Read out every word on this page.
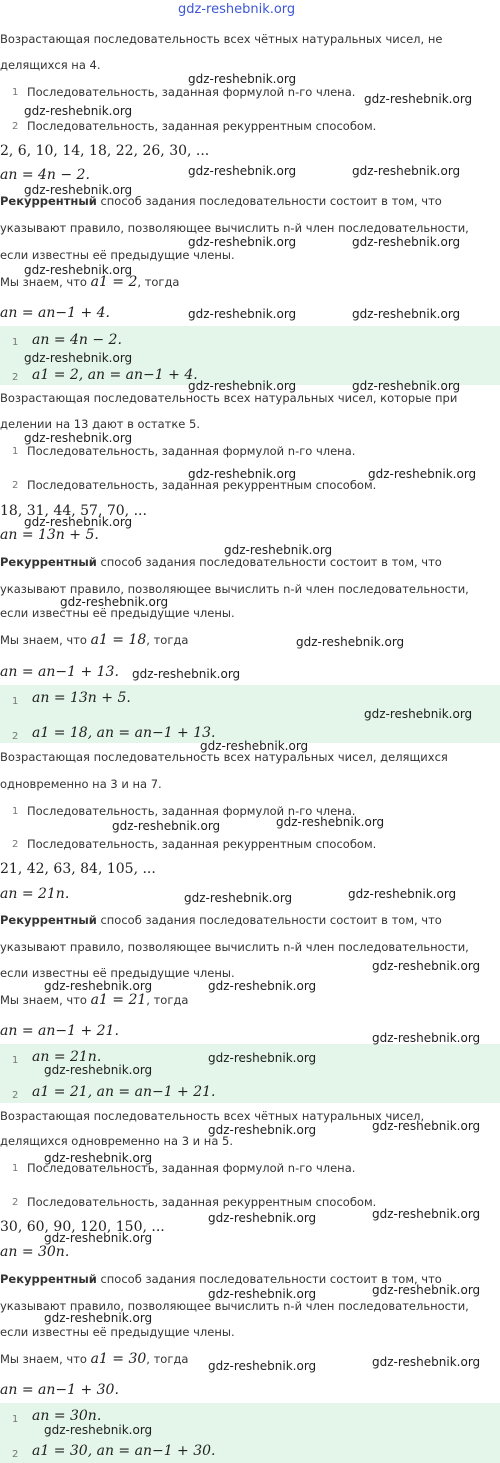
gdz-reshebnik.org
Возрастающая последовательность всех чётных натуральных чисел, не
делящихся на 4.
1 Последовательность, заданная формулой n-го члена.
2 Последовательность, заданная рекуррентным способом.
2, 6, 10, 14, 18, 22, 26, 30, ...
an = 4n − 2.
Рекуррентный способ задания последовательности состоит в том, что
указывают правило, позволяющее вычислить n-й член последовательности,
если известны её предыдущие члены.
Мы знаем, что a1 = 2, тогда
an = an−1 + 4.
1 an = 4n − 2.
2 a1 = 2, an = an−1 + 4.
Возрастающая последовательность всех натуральных чисел, которые при
делении на 13 дают в остатке 5.
1 Последовательность, заданная формулой n-го члена.
2 Последовательность, заданная рекуррентным способом.
18, 31, 44, 57, 70, ...
an = 13n + 5.
Рекуррентный способ задания последовательности состоит в том, что
указывают правило, позволяющее вычислить n-й член последовательности,
если известны её предыдущие члены.
Мы знаем, что a1 = 18, тогда
an = an−1 + 13.
1 an = 13n + 5.
2 a1 = 18, an = an−1 + 13.
Возрастающая последовательность всех натуральных чисел, делящихся
одновременно на 3 и на 7.
1 Последовательность, заданная формулой n-го члена.
2 Последовательность, заданная рекуррентным способом.
21, 42, 63, 84, 105, ...
an = 21n.
Рекуррентный способ задания последовательности состоит в том, что
указывают правило, позволяющее вычислить n-й член последовательности,
если известны её предыдущие члены.
Мы знаем, что a1 = 21, тогда
an = an−1 + 21.
1 an = 21n.
2 a1 = 21, an = an−1 + 21.
Возрастающая последовательность всех чётных натуральных чисел,
делящихся одновременно на 3 и на 5.
1 Последовательность, заданная формулой n-го члена.
2 Последовательность, заданная рекуррентным способом.
30, 60, 90, 120, 150, ...
an = 30n.
Рекуррентный способ задания последовательности состоит в том, что
указывают правило, позволяющее вычислить n-й член последовательности,
если известны её предыдущие члены.
Мы знаем, что a1 = 30, тогда
an = an−1 + 30.
1 an = 30n.
2 a1 = 30, an = an−1 + 30.
gdz-reshebnik.org
gdz-reshebnik.org
gdz-reshebnik.org
gdz-reshebnik.org	gdz-reshebnik.org
gdz-reshebnik.org
gdz-reshebnik.org	gdz-reshebnik.org
gdz-reshebnik.org
gdz-reshebnik.org	gdz-reshebnik.org
gdz-reshebnik.org
gdz-reshebnik.org	gdz-reshebnik.org
gdz-reshebnik.org
gdz-reshebnik.org	gdz-reshebnik.org
gdz-reshebnik.org
gdz-reshebnik.org
gdz-reshebnik.org
gdz-reshebnik.org
gdz-reshebnik.org
gdz-reshebnik.org
gdz-reshebnik.org
gdz-reshebnik.org
gdz-reshebnik.org
gdz-reshebnik.org
gdz-reshebnik.org
gdz-reshebnik.org
gdz-reshebnik.org	gdz-reshebnik.org
gdz-reshebnik.org
gdz-reshebnik.org
gdz-reshebnik.org
gdz-reshebnik.org
gdz-reshebnik.org
gdz-reshebnik.org
gdz-reshebnik.org
gdz-reshebnik.org
gdz-reshebnik.org
gdz-reshebnik.org	gdz-reshebnik.org
gdz-reshebnik.org
gdz-reshebnik.org	gdz-reshebnik.org
gdz-reshebnik.org
